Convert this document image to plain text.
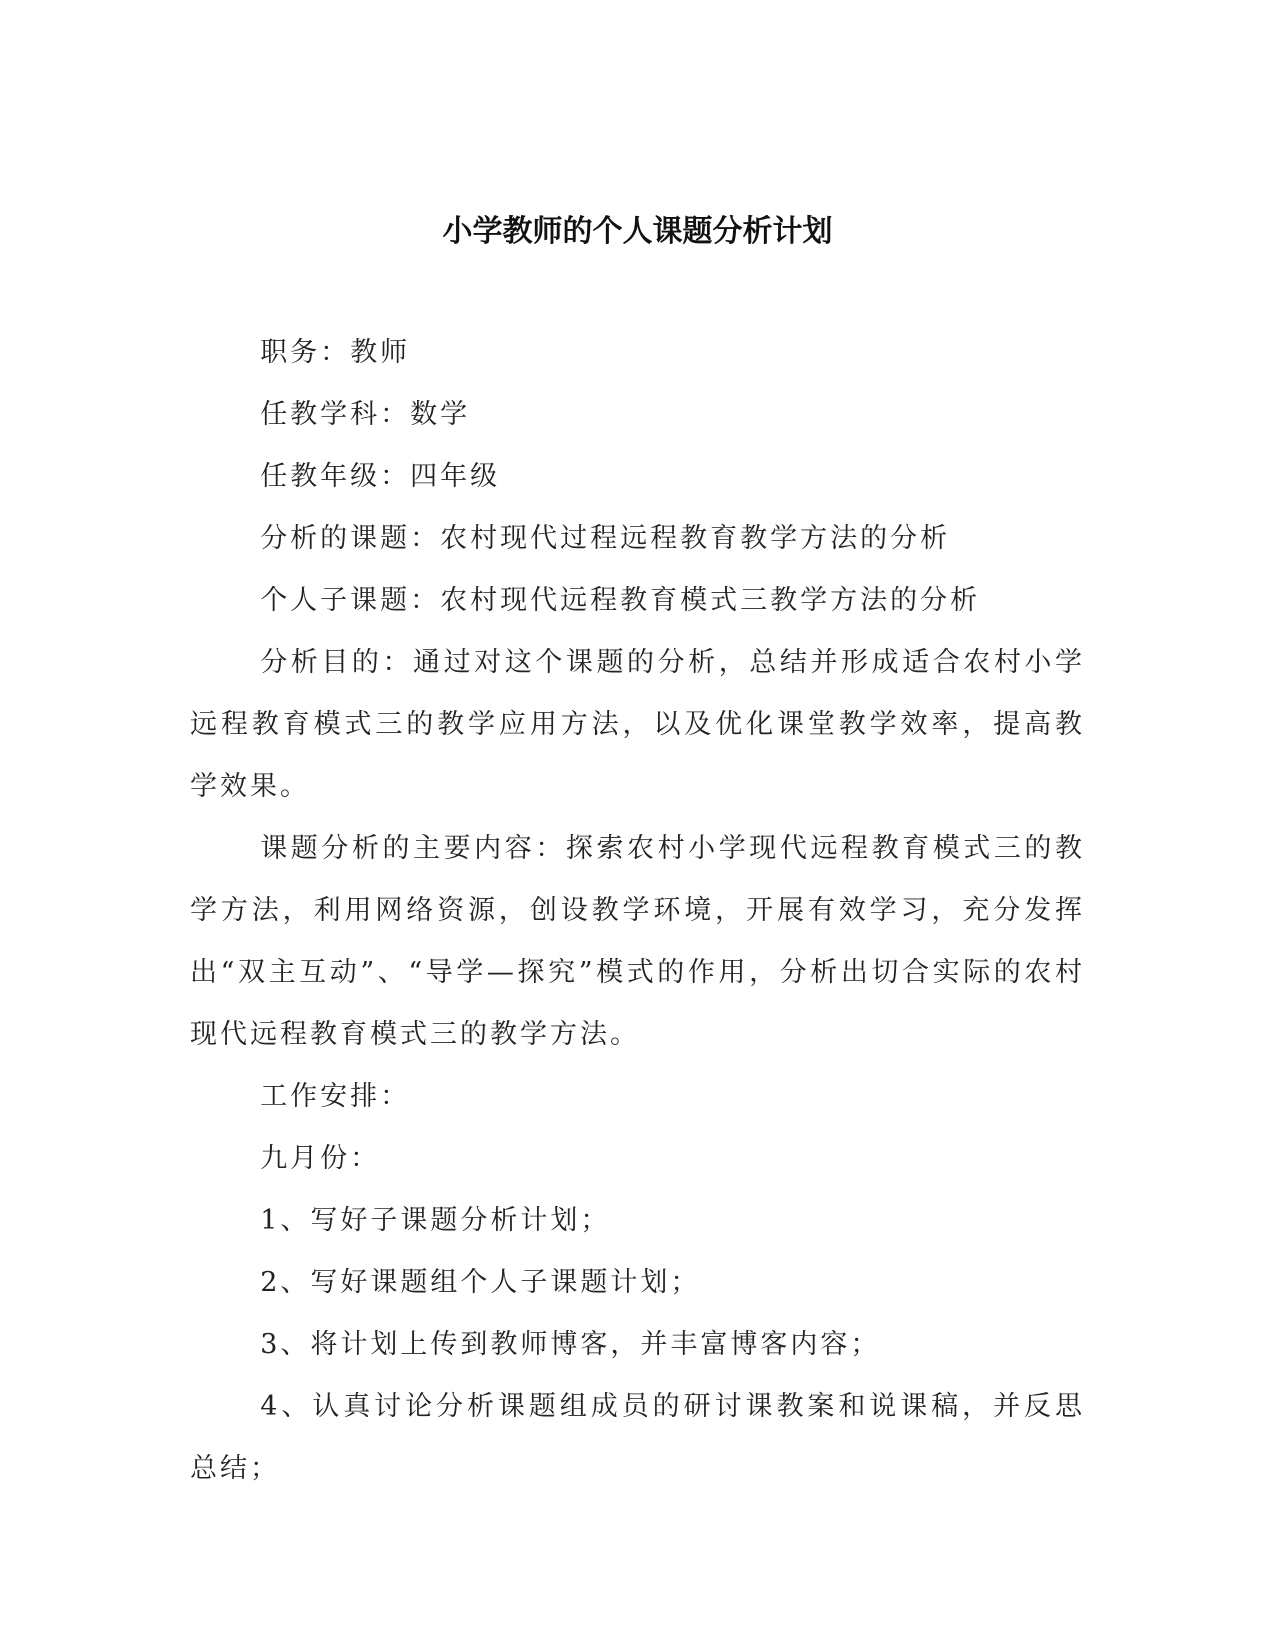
小学教师的个人课题分析计划

职务：教师

任教学科：数学

任教年级：四年级

分析的课题：农村现代过程远程教育教学方法的分析

个人子课题：农村现代远程教育模式三教学方法的分析

分析目的：通过对这个课题的分析，总结并形成适合农村小学远程教育模式三的教学应用方法，以及优化课堂教学效率，提高教学效果。

课题分析的主要内容：探索农村小学现代远程教育模式三的教学方法，利用网络资源，创设教学环境，开展有效学习，充分发挥出“双主互动”、“导学—探究”模式的作用，分析出切合实际的农村现代远程教育模式三的教学方法。

工作安排：

九月份：

1、写好子课题分析计划；

2、写好课题组个人子课题计划；

3、将计划上传到教师博客，并丰富博客内容；

4、认真讨论分析课题组成员的研讨课教案和说课稿，并反思总结；
